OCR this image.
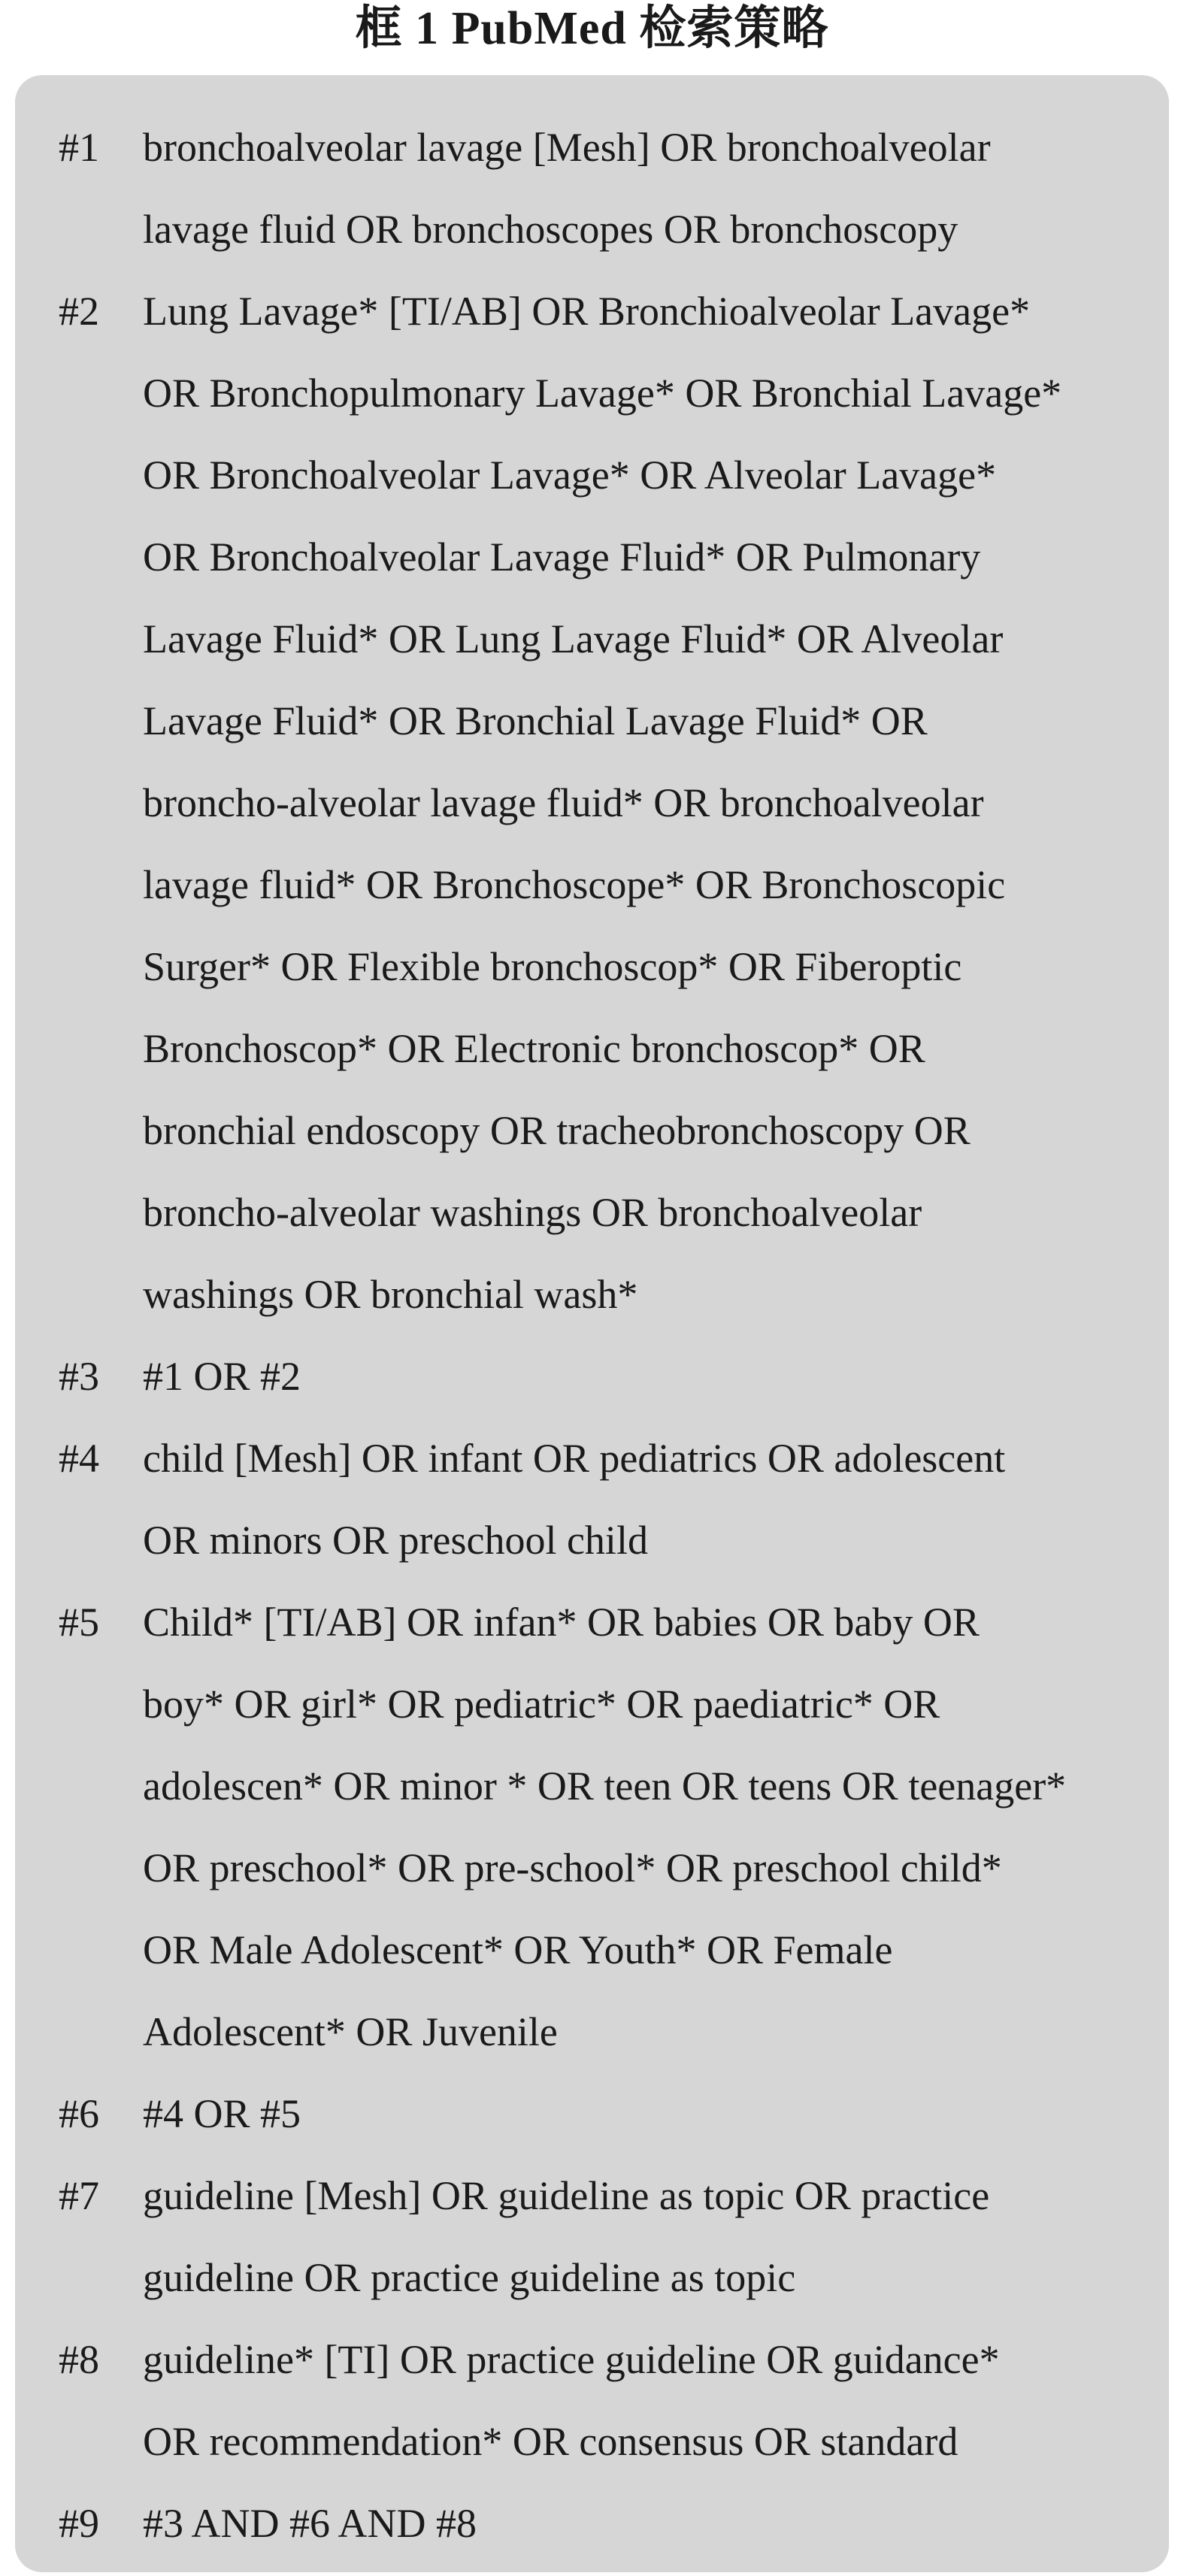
框 1 PubMed 检索策略
#1	bronchoalveolar lavage [Mesh] OR bronchoalveolar
lavage fluid OR bronchoscopes OR bronchoscopy
#2	Lung Lavage* [TI/AB] OR Bronchioalveolar Lavage*
OR Bronchopulmonary Lavage* OR Bronchial Lavage*
OR Bronchoalveolar Lavage* OR Alveolar Lavage*
OR Bronchoalveolar Lavage Fluid* OR Pulmonary
Lavage Fluid* OR Lung Lavage Fluid* OR Alveolar
Lavage Fluid* OR Bronchial Lavage Fluid* OR
broncho-alveolar lavage fluid* OR bronchoalveolar
lavage fluid* OR Bronchoscope* OR Bronchoscopic
Surger* OR Flexible bronchoscop* OR Fiberoptic
Bronchoscop* OR Electronic bronchoscop* OR
bronchial endoscopy OR tracheobronchoscopy OR
broncho-alveolar washings OR bronchoalveolar
washings OR bronchial wash*
#3	#1 OR #2
#4	child [Mesh] OR infant OR pediatrics OR adolescent
OR minors OR preschool child
#5	Child* [TI/AB] OR infan* OR babies OR baby OR
boy* OR girl* OR pediatric* OR paediatric* OR
adolescen* OR minor * OR teen OR teens OR teenager*
OR preschool* OR pre-school* OR preschool child*
OR Male Adolescent* OR Youth* OR Female
Adolescent* OR Juvenile
#6	#4 OR #5
#7	guideline [Mesh] OR guideline as topic OR practice
guideline OR practice guideline as topic
#8	guideline* [TI] OR practice guideline OR guidance*
OR recommendation* OR consensus OR standard
#9	#3 AND #6 AND #8
